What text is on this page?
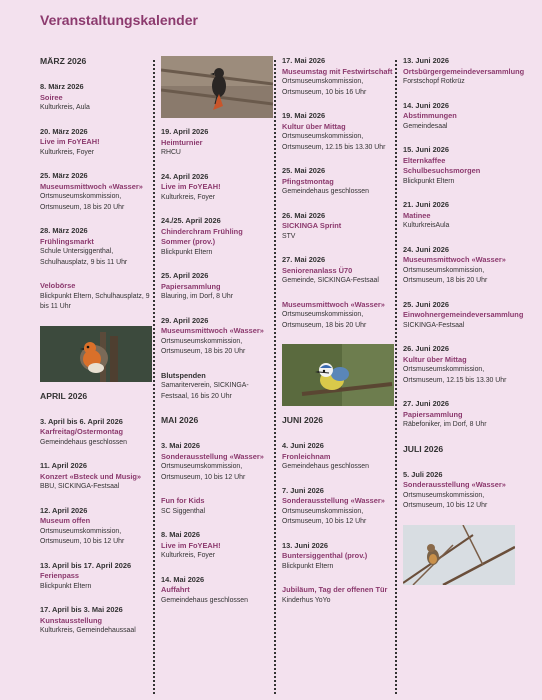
Veranstaltungskalender
MÄRZ 2026
8. März 2026
Soiree
Kulturkreis, Aula
20. März 2026
Live im FoYEAH!
Kulturkreis, Foyer
25. März 2026
Museumsmittwoch «Wasser»
Ortsmuseumskommission, Ortsmuseum, 18 bis 20 Uhr
28. März 2026
Frühlingsmarkt
Schule Untersiggenthal, Schulhausplatz, 9 bis 11 Uhr
Velobörse
Blickpunkt Eltern, Schulhausplatz, 9 bis 11 Uhr
APRIL 2026
3. April bis 6. April 2026
Karfreitag/Ostermontag
Gemeindehaus geschlossen
11. April 2026
Konzert «Bsteck und Musig»
BBU, SICKINGA-Festsaal
12. April 2026
Museum offen
Ortsmuseumskommission, Ortsmuseum, 10 bis 12 Uhr
13. April bis 17. April 2026
Ferienpass
Blickpunkt Eltern
17. April bis 3. Mai 2026
Kunstausstellung
Kulturkreis, Gemeindehaussaal
19. April 2026
Heimturnier
RHCU
24. April 2026
Live im FoYEAH!
Kulturkreis, Foyer
24./25. April 2026
Chinderchram Frühling Sommer (prov.)
Blickpunkt Eltern
25. April 2026
Papiersammlung
Blauring, im Dorf, 8 Uhr
29. April 2026
Museumsmittwoch «Wasser»
Ortsmuseumskommission, Ortsmuseum, 18 bis 20 Uhr
Blutspenden
Samariterverein, SICKINGA-Festsaal, 16 bis 20 Uhr
MAI 2026
3. Mai 2026
Sonderausstellung «Wasser»
Ortsmuseumskommission, Ortsmuseum, 10 bis 12 Uhr
Fun for Kids
SC Siggenthal
8. Mai 2026
Live im FoYEAH!
Kulturkreis, Foyer
14. Mai 2026
Auffahrt
Gemeindehaus geschlossen
17. Mai 2026
Museumstag mit Festwirtschaft
Ortsmuseumskommission, Ortsmuseum, 10 bis 16 Uhr
19. Mai 2026
Kultur über Mittag
Ortsmuseumskommission, Ortsmuseum, 12.15 bis 13.30 Uhr
25. Mai 2026
Pfingstmontag
Gemeindehaus geschlossen
26. Mai 2026
SICKINGA Sprint
STV
27. Mai 2026
Seniorenanlass Ü70
Gemeinde, SICKINGA-Festsaal
Museumsmittwoch «Wasser»
Ortsmuseumskommission, Ortsmuseum, 18 bis 20 Uhr
JUNI 2026
4. Juni 2026
Fronleichnam
Gemeindehaus geschlossen
7. Juni 2026
Sonderausstellung «Wasser»
Ortsmuseumskommission, Ortsmuseum, 10 bis 12 Uhr
13. Juni 2026
Buntersiggenthal (prov.)
Blickpunkt Eltern
Jubiläum, Tag der offenen Tür
Kinderhus YoYo
13. Juni 2026
Ortsbürgergemeindeversammlung
Forstschopf Rotkrüz
14. Juni 2026
Abstimmungen
Gemeindesaal
15. Juni 2026
Elternkaffee Schulbesuchsmorgen
Blickpunkt Eltern
21. Juni 2026
Matinee
KulturkreisAula
24. Juni 2026
Museumsmittwoch «Wasser»
Ortsmuseumskommission, Ortsmuseum, 18 bis 20 Uhr
25. Juni 2026
Einwohnergemeindeversammlung
SICKINGA-Festsaal
26. Juni 2026
Kultur über Mittag
Ortsmuseumskommission, Ortsmuseum, 12.15 bis 13.30 Uhr
27. Juni 2026
Papiersammlung
Räbefoniker, im Dorf, 8 Uhr
JULI 2026
5. Juli 2026
Sonderausstellung «Wasser»
Ortsmuseumskommission, Ortsmuseum, 10 bis 12 Uhr
